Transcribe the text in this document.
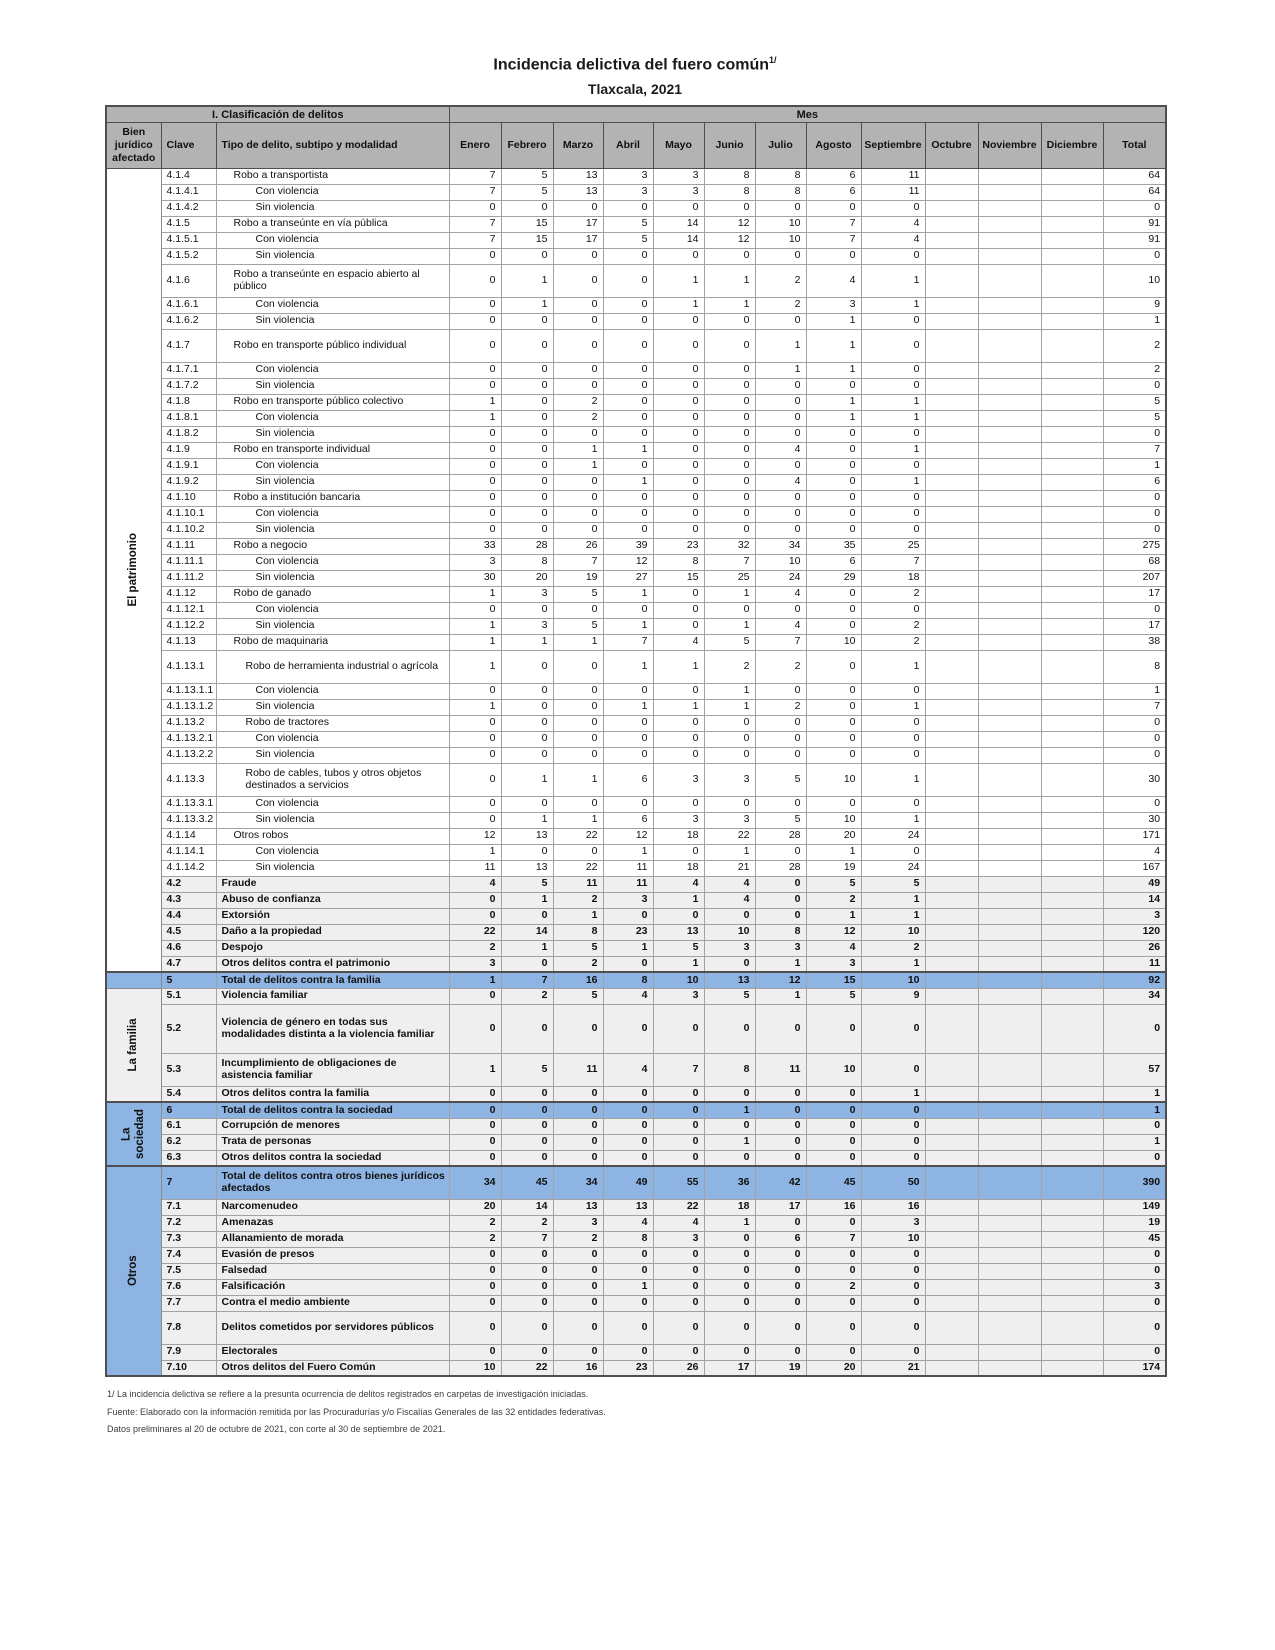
Incidencia delictiva del fuero común$^{1/}$
Tlaxcala, 2021
I. Clasificación de delitos			Mes												
Bien jurídico afectado	Clave	Tipo de delito, subtipo y modalidad	Enero	Febrero	Marzo	Abril	Mayo	Junio	Julio	Agosto	Septiembre	Octubre	Noviembre	Diciembre	Total

El patrimonio	4.1.4	Robo a transportista	7	5	13	3	3	8	8	6	11				64
	4.1.4.1	Con violencia	7	5	13	3	3	8	8	6	11				64
	4.1.4.2	Sin violencia	0	0	0	0	0	0	0	0	0				0
	4.1.5	Robo a transeúnte en vía pública	7	15	17	5	14	12	10	7	4				91
	4.1.5.1	Con violencia	7	15	17	5	14	12	10	7	4				91
	4.1.5.2	Sin violencia	0	0	0	0	0	0	0	0	0				0
	4.1.6	Robo a transeúnte en espacio abierto al público	0	1	0	0	1	1	2	4	1				10
	4.1.6.1	Con violencia	0	1	0	0	1	1	2	3	1				9
	4.1.6.2	Sin violencia	0	0	0	0	0	0	0	1	0				1
	4.1.7	Robo en transporte público individual	0	0	0	0	0	0	1	1	0				2
	4.1.7.1	Con violencia	0	0	0	0	0	0	1	1	0				2
	4.1.7.2	Sin violencia	0	0	0	0	0	0	0	0	0				0
	4.1.8	Robo en transporte público colectivo	1	0	2	0	0	0	0	1	1				5
	4.1.8.1	Con violencia	1	0	2	0	0	0	0	1	1				5
	4.1.8.2	Sin violencia	0	0	0	0	0	0	0	0	0				0
	4.1.9	Robo en transporte individual	0	0	1	1	0	0	4	0	1				7
	4.1.9.1	Con violencia	0	0	1	0	0	0	0	0	0				1
	4.1.9.2	Sin violencia	0	0	0	1	0	0	4	0	1				6
	4.1.10	Robo a institución bancaria	0	0	0	0	0	0	0	0	0				0
	4.1.10.1	Con violencia	0	0	0	0	0	0	0	0	0				0
	4.1.10.2	Sin violencia	0	0	0	0	0	0	0	0	0				0
	4.1.11	Robo a negocio	33	28	26	39	23	32	34	35	25				275
	4.1.11.1	Con violencia	3	8	7	12	8	7	10	6	7				68
	4.1.11.2	Sin violencia	30	20	19	27	15	25	24	29	18				207
	4.1.12	Robo de ganado	1	3	5	1	0	1	4	0	2				17
	4.1.12.1	Con violencia	0	0	0	0	0	0	0	0	0				0
	4.1.12.2	Sin violencia	1	3	5	1	0	1	4	0	2				17
	4.1.13	Robo de maquinaria	1	1	1	7	4	5	7	10	2				38
	4.1.13.1	Robo de herramienta industrial o agrícola	1	0	0	1	1	2	2	0	1				8
	4.1.13.1.1	Con violencia	0	0	0	0	0	1	0	0	0				1
	4.1.13.1.2	Sin violencia	1	0	0	1	1	1	2	0	1				7
	4.1.13.2	Robo de tractores	0	0	0	0	0	0	0	0	0				0
	4.1.13.2.1	Con violencia	0	0	0	0	0	0	0	0	0				0
	4.1.13.2.2	Sin violencia	0	0	0	0	0	0	0	0	0				0
	4.1.13.3	Robo de cables, tubos y otros objetos destinados a servicios	0	1	1	6	3	3	5	10	1				30
	4.1.13.3.1	Con violencia	0	0	0	0	0	0	0	0	0				0
	4.1.13.3.2	Sin violencia	0	1	1	6	3	3	5	10	1				30
	4.1.14	Otros robos	12	13	22	12	18	22	28	20	24				171
	4.1.14.1	Con violencia	1	0	0	1	0	1	0	1	0				4
	4.1.14.2	Sin violencia	11	13	22	11	18	21	28	19	24				167
	4.2	Fraude	4	5	11	11	4	4	0	5	5				49
	4.3	Abuso de confianza	0	1	2	3	1	4	0	2	1				14
	4.4	Extorsión	0	0	1	0	0	0	0	1	1				3
	4.5	Daño a la propiedad	22	14	8	23	13	10	8	12	10				120
	4.6	Despojo	2	1	5	1	5	3	3	4	2				26
	4.7	Otros delitos contra el patrimonio	3	0	2	0	1	0	1	3	1				11

	5	Total de delitos contra la familia	1	7	16	8	10	13	12	15	10				92

La familia	5.1	Violencia familiar	0	2	5	4	3	5	1	5	9				34
	5.2	Violencia de género en todas sus modalidades distinta a la violencia familiar	0	0	0	0	0	0	0	0	0				0
	5.3	Incumplimiento de obligaciones de asistencia familiar	1	5	11	4	7	8	11	10	0				57
	5.4	Otros delitos contra la familia	0	0	0	0	0	0	0	0	1				1

La sociedad	6	Total de delitos contra la sociedad	0	0	0	0	0	1	0	0	0				1
	6.1	Corrupción de menores	0	0	0	0	0	0	0	0	0				0
	6.2	Trata de personas	0	0	0	0	0	1	0	0	0				1
	6.3	Otros delitos contra la sociedad	0	0	0	0	0	0	0	0	0				0

Otros	7	Total de delitos contra otros bienes jurídicos afectados	34	45	34	49	55	36	42	45	50				390
	7.1	Narcomenudeo	20	14	13	13	22	18	17	16	16				149
	7.2	Amenazas	2	2	3	4	4	1	0	0	3				19
	7.3	Allanamiento de morada	2	7	2	8	3	0	6	7	10				45
	7.4	Evasión de presos	0	0	0	0	0	0	0	0	0				0
	7.5	Falsedad	0	0	0	0	0	0	0	0	0				0
	7.6	Falsificación	0	0	0	1	0	0	0	2	0				3
	7.7	Contra el medio ambiente	0	0	0	0	0	0	0	0	0				0
	7.8	Delitos cometidos por servidores públicos	0	0	0	0	0	0	0	0	0				0
	7.9	Electorales	0	0	0	0	0	0	0	0	0				0
	7.10	Otros delitos del Fuero Común	10	22	16	23	26	17	19	20	21				174

1/ La incidencia delictiva se refiere a la presunta ocurrencia de delitos registrados en carpetas de investigación iniciadas.

Fuente: Elaborado con la información remitida por las Procuradurías y/o Fiscalías Generales de las 32 entidades federativas.

Datos preliminares al 20 de octubre de 2021, con corte al 30 de septiembre de 2021.
